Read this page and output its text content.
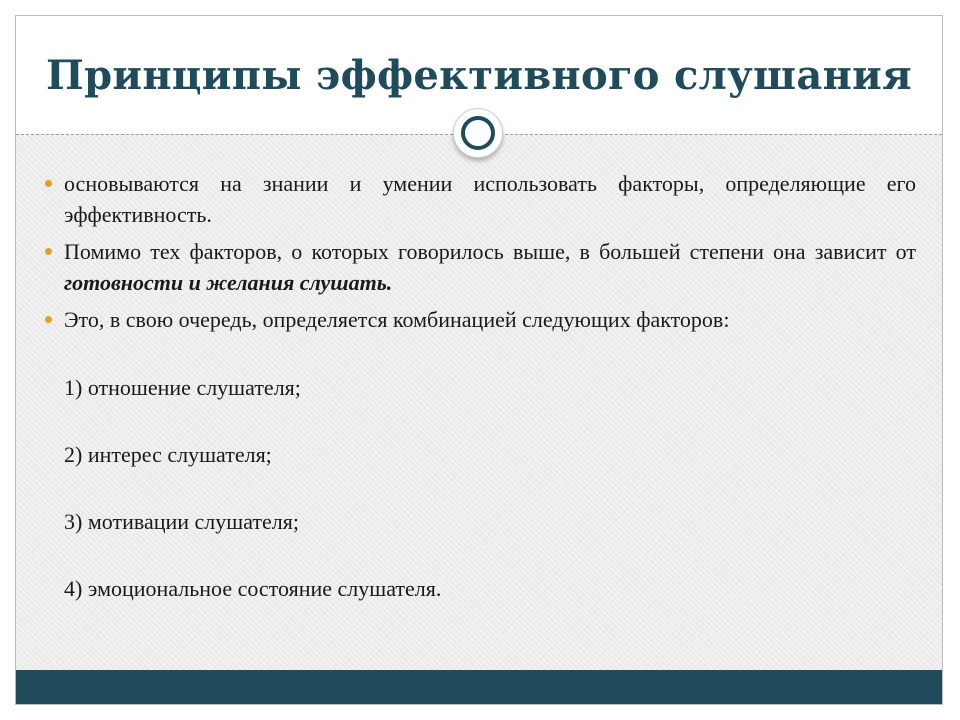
Принципы эффективного слушания
основываются на знании и умении использовать факторы, определяющие его эффективность.
Помимо тех факторов, о которых говорилось выше, в большей степени она зависит от готовности и желания слушать.
Это, в свою очередь, определяется комбинацией следующих факторов:
1) отношение слушателя;
2) интерес слушателя;
3) мотивации слушателя;
4) эмоциональное состояние слушателя.
